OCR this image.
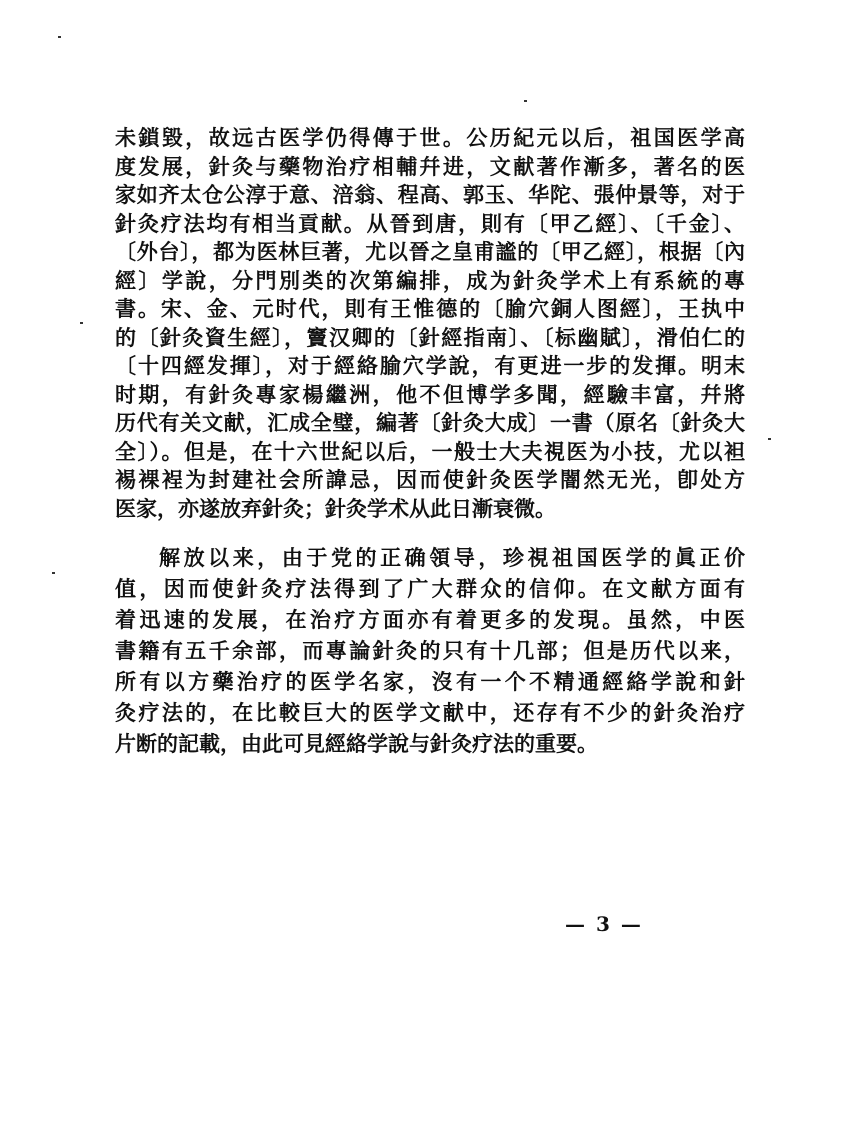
未鎖毀，故远古医学仍得傳于世。公历紀元以后，祖国医学高
度发展，針灸与藥物治疗相輔幷进，文献著作漸多，著名的医
家如齐太仓公淳于意、涪翁、程高、郭玉、华陀、張仲景等，对于
針灸疗法均有相当貢献。从晉到唐，則有〔甲乙經〕、〔千金〕、
〔外台〕，都为医林巨著，尤以晉之皇甫謐的〔甲乙經〕，根据〔內
經〕学說，分門別类的次第編排，成为針灸学术上有系統的專
書。宋、金、元时代，則有王惟德的〔腧穴銅人图經〕，王执中
的〔針灸資生經〕，竇汉卿的〔針經指南〕、〔标幽賦〕，滑伯仁的
〔十四經发揮〕，对于經絡腧穴学說，有更进一步的发揮。明末
时期，有針灸專家楊繼洲，他不但博学多聞，經驗丰富，幷將
历代有关文献，汇成全璧，編著〔針灸大成〕一書（原名〔針灸大
全〕）。但是，在十六世紀以后，一般士大夫視医为小技，尤以袒
裼裸裎为封建社会所諱忌，因而使針灸医学闇然无光，卽处方
医家，亦遂放弃針灸；針灸学术从此日漸衰微。
解放以来，由于党的正确領导，珍視祖国医学的眞正价
值，因而使針灸疗法得到了广大群众的信仰。在文献方面有
着迅速的发展，在治疗方面亦有着更多的发現。虽然，中医
書籍有五千余部，而專論針灸的只有十几部；但是历代以来，
所有以方藥治疗的医学名家，沒有一个不精通經絡学說和針
灸疗法的，在比較巨大的医学文献中，还存有不少的針灸治疗
片断的記載，由此可見經絡学說与針灸疗法的重要。
— 3 —
